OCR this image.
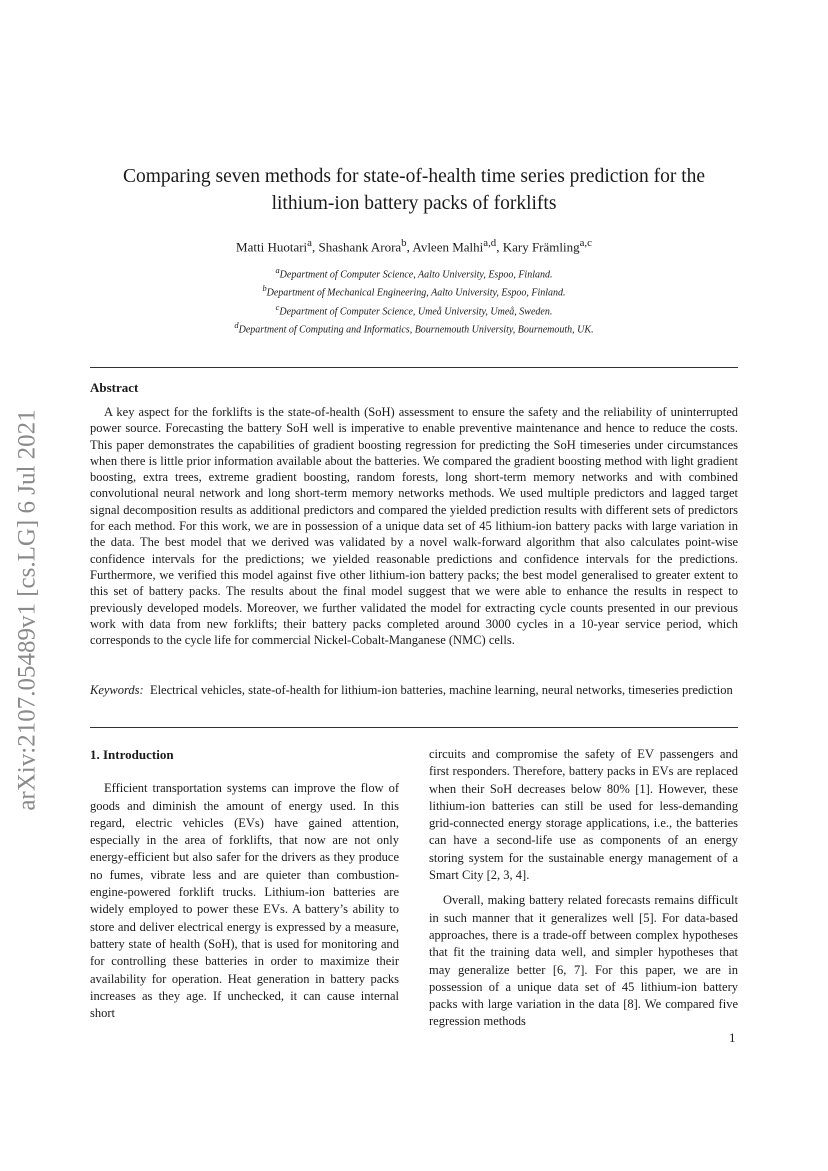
arXiv:2107.05489v1 [cs.LG] 6 Jul 2021
Comparing seven methods for state-of-health time series prediction for the lithium-ion battery packs of forklifts
Matti Huotari$^a$, Shashank Arora$^b$, Avleen Malhi$^{a,d}$, Kary Främling$^{a,c}$
$^a$Department of Computer Science, Aalto University, Espoo, Finland.
$^b$Department of Mechanical Engineering, Aalto University, Espoo, Finland.
$^c$Department of Computer Science, Umeå University, Umeå, Sweden.
$^d$Department of Computing and Informatics, Bournemouth University, Bournemouth, UK.
Abstract

A key aspect for the forklifts is the state-of-health (SoH) assessment to ensure the safety and the reliability of uninterrupted power source. Forecasting the battery SoH well is imperative to enable preventive maintenance and hence to reduce the costs. This paper demonstrates the capabilities of gradient boosting regression for predicting the SoH timeseries under circumstances when there is little prior information available about the batteries. We compared the gradient boosting method with light gradient boosting, extra trees, extreme gradient boosting, random forests, long short-term memory networks and with combined convolutional neural network and long short-term memory networks methods. We used multiple predictors and lagged target signal decomposition results as additional predictors and compared the yielded prediction results with different sets of predictors for each method. For this work, we are in possession of a unique data set of 45 lithium-ion battery packs with large variation in the data. The best model that we derived was validated by a novel walk-forward algorithm that also calculates point-wise confidence intervals for the predictions; we yielded reasonable predictions and confidence intervals for the predictions. Furthermore, we verified this model against five other lithium-ion battery packs; the best model generalised to greater extent to this set of battery packs. The results about the final model suggest that we were able to enhance the results in respect to previously developed models. Moreover, we further validated the model for extracting cycle counts presented in our previous work with data from new forklifts; their battery packs completed around 3000 cycles in a 10-year service period, which corresponds to the cycle life for commercial Nickel-Cobalt-Manganese (NMC) cells.

Keywords: Electrical vehicles, state-of-health for lithium-ion batteries, machine learning, neural networks, timeseries prediction

1. Introduction

Efficient transportation systems can improve the flow of goods and diminish the amount of energy used. In this regard, electric vehicles (EVs) have gained attention, especially in the area of forklifts, that now are not only energy-efficient but also safer for the drivers as they produce no fumes, vibrate less and are quieter than combustion-engine-powered forklift trucks. Lithium-ion batteries are widely employed to power these EVs. A battery’s ability to store and deliver electrical energy is expressed by a measure, battery state of health (SoH), that is used for monitoring and for controlling these batteries in order to maximize their availability for operation. Heat generation in battery packs increases as they age. If unchecked, it can cause internal short

circuits and compromise the safety of EV passengers and first responders. Therefore, battery packs in EVs are replaced when their SoH decreases below 80% [1]. However, these lithium-ion batteries can still be used for less-demanding grid-connected energy storage applications, i.e., the batteries can have a second-life use as components of an energy storing system for the sustainable energy management of a Smart City [2, 3, 4].

Overall, making battery related forecasts remains difficult in such manner that it generalizes well [5]. For data-based approaches, there is a trade-off between complex hypotheses that fit the training data well, and simpler hypotheses that may generalize better [6, 7]. For this paper, we are in possession of a unique data set of 45 lithium-ion battery packs with large variation in the data [8]. We compared five regression methods

1
